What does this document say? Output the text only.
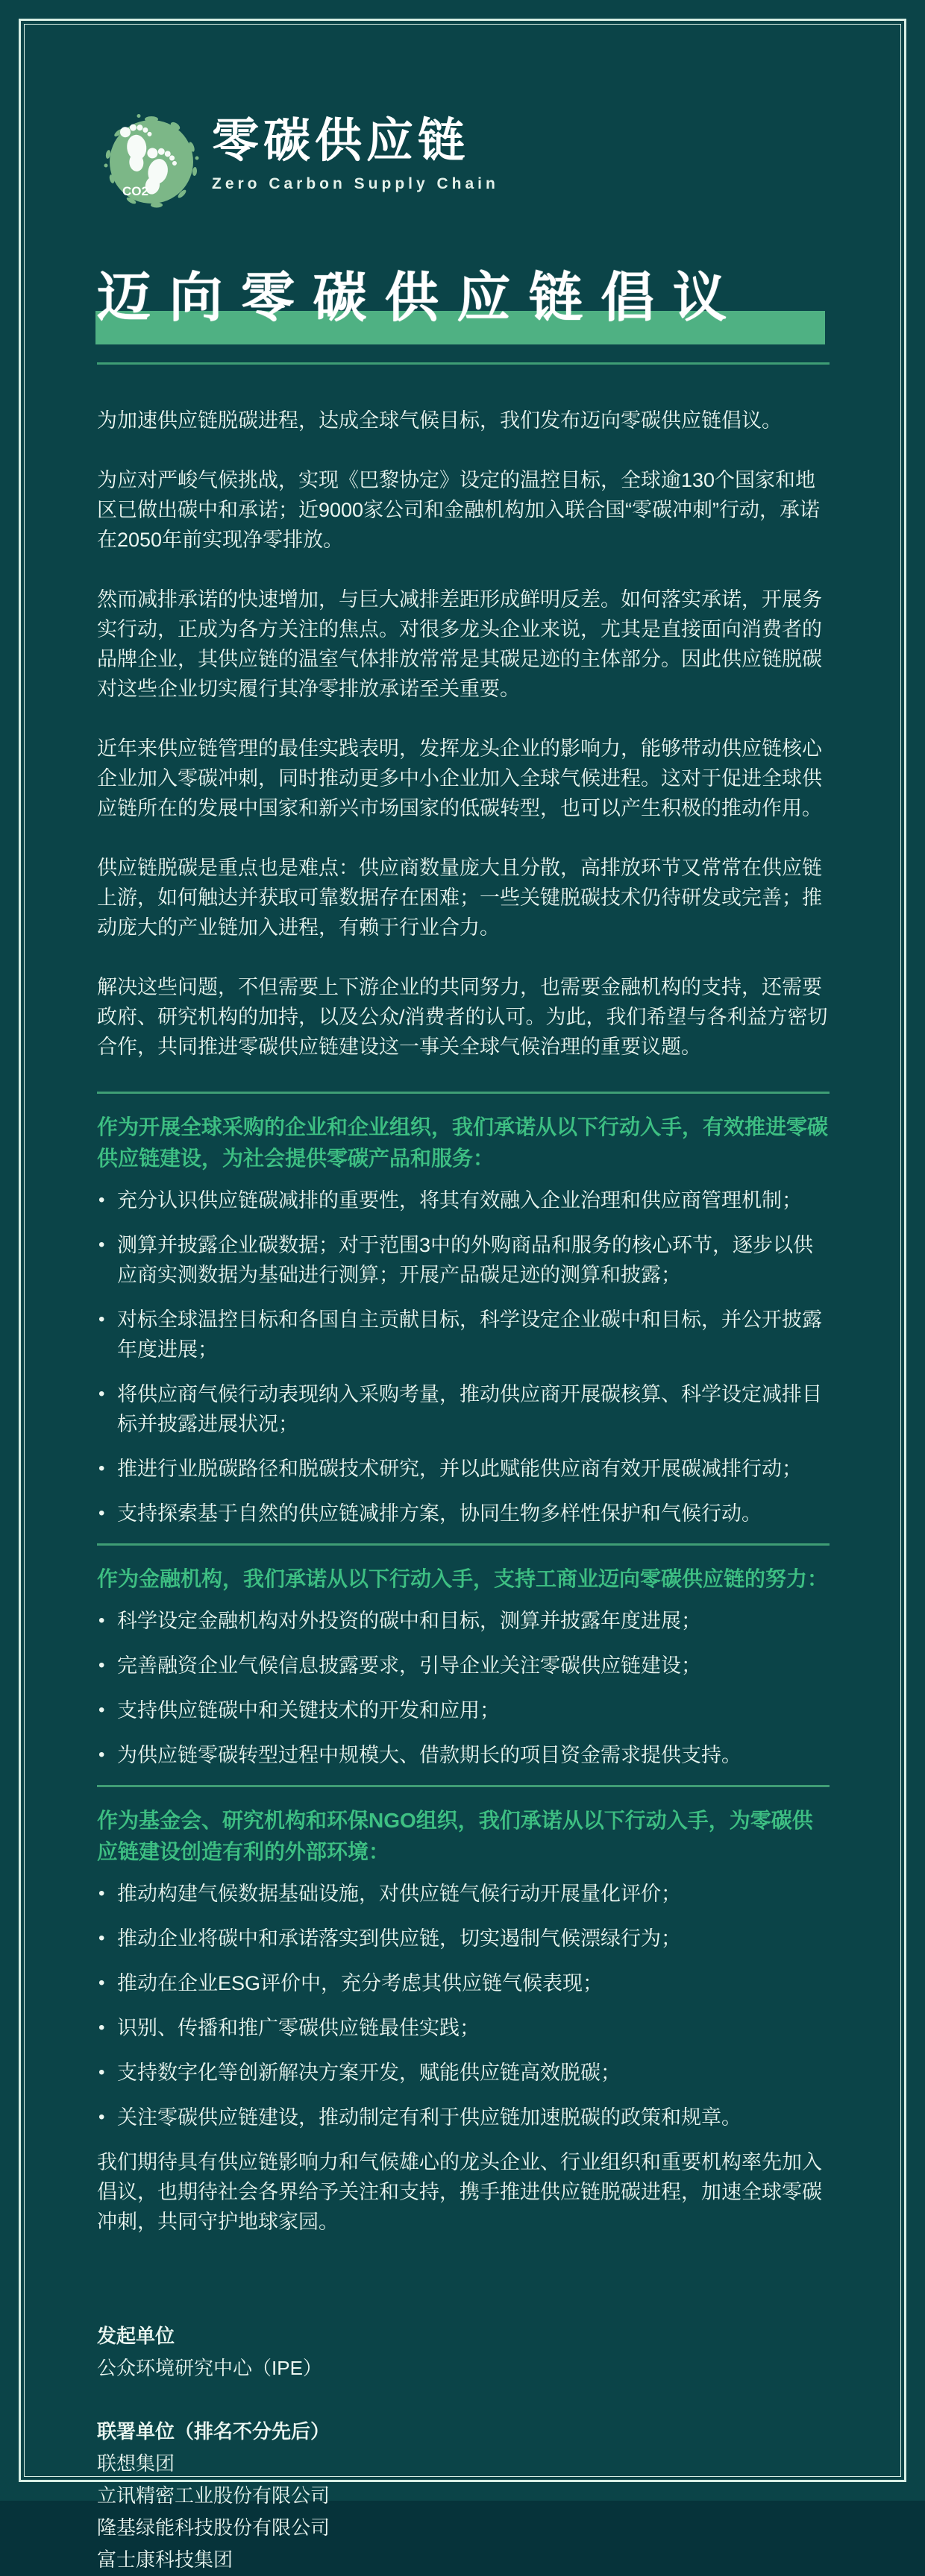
CO2
零碳供应链
Zero Carbon Supply Chain
迈向零碳供应链倡议

为加速供应链脱碳进程，达成全球气候目标，我们发布迈向零碳供应链倡议。

为应对严峻气候挑战，实现《巴黎协定》设定的温控目标，全球逾130个国家和地区已做出碳中和承诺；近9000家公司和金融机构加入联合国“零碳冲刺”行动，承诺在2050年前实现净零排放。

然而减排承诺的快速增加，与巨大减排差距形成鲜明反差。如何落实承诺，开展务实行动，正成为各方关注的焦点。对很多龙头企业来说，尤其是直接面向消费者的品牌企业，其供应链的温室气体排放常常是其碳足迹的主体部分。因此供应链脱碳对这些企业切实履行其净零排放承诺至关重要。

近年来供应链管理的最佳实践表明，发挥龙头企业的影响力，能够带动供应链核心企业加入零碳冲刺，同时推动更多中小企业加入全球气候进程。这对于促进全球供应链所在的发展中国家和新兴市场国家的低碳转型，也可以产生积极的推动作用。

供应链脱碳是重点也是难点：供应商数量庞大且分散，高排放环节又常常在供应链上游，如何触达并获取可靠数据存在困难；一些关键脱碳技术仍待研发或完善；推动庞大的产业链加入进程，有赖于行业合力。

解决这些问题，不但需要上下游企业的共同努力，也需要金融机构的支持，还需要政府、研究机构的加持，以及公众/消费者的认可。为此，我们希望与各利益方密切合作，共同推进零碳供应链建设这一事关全球气候治理的重要议题。

作为开展全球采购的企业和企业组织，我们承诺从以下行动入手，有效推进零碳供应链建设，为社会提供零碳产品和服务：
• 充分认识供应链碳减排的重要性，将其有效融入企业治理和供应商管理机制；
• 测算并披露企业碳数据；对于范围3中的外购商品和服务的核心环节，逐步以供应商实测数据为基础进行测算；开展产品碳足迹的测算和披露；
• 对标全球温控目标和各国自主贡献目标，科学设定企业碳中和目标，并公开披露年度进展；
• 将供应商气候行动表现纳入采购考量，推动供应商开展碳核算、科学设定减排目标并披露进展状况；
• 推进行业脱碳路径和脱碳技术研究，并以此赋能供应商有效开展碳减排行动；
• 支持探索基于自然的供应链减排方案，协同生物多样性保护和气候行动。
作为金融机构，我们承诺从以下行动入手，支持工商业迈向零碳供应链的努力：
• 科学设定金融机构对外投资的碳中和目标，测算并披露年度进展；
• 完善融资企业气候信息披露要求，引导企业关注零碳供应链建设；
• 支持供应链碳中和关键技术的开发和应用；
• 为供应链零碳转型过程中规模大、借款期长的项目资金需求提供支持。
作为基金会、研究机构和环保NGO组织，我们承诺从以下行动入手，为零碳供应链建设创造有利的外部环境：
• 推动构建气候数据基础设施，对供应链气候行动开展量化评价；
• 推动企业将碳中和承诺落实到供应链，切实遏制气候漂绿行为；
• 推动在企业ESG评价中，充分考虑其供应链气候表现；
• 识别、传播和推广零碳供应链最佳实践；
• 支持数字化等创新解决方案开发，赋能供应链高效脱碳；
• 关注零碳供应链建设，推动制定有利于供应链加速脱碳的政策和规章。

我们期待具有供应链影响力和气候雄心的龙头企业、行业组织和重要机构率先加入倡议，也期待社会各界给予关注和支持，携手推进供应链脱碳进程，加速全球零碳冲刺，共同守护地球家园。

发起单位
公众环境研究中心（IPE）
联署单位（排名不分先后）
联想集团
立讯精密工业股份有限公司
隆基绿能科技股份有限公司
富士康科技集团
